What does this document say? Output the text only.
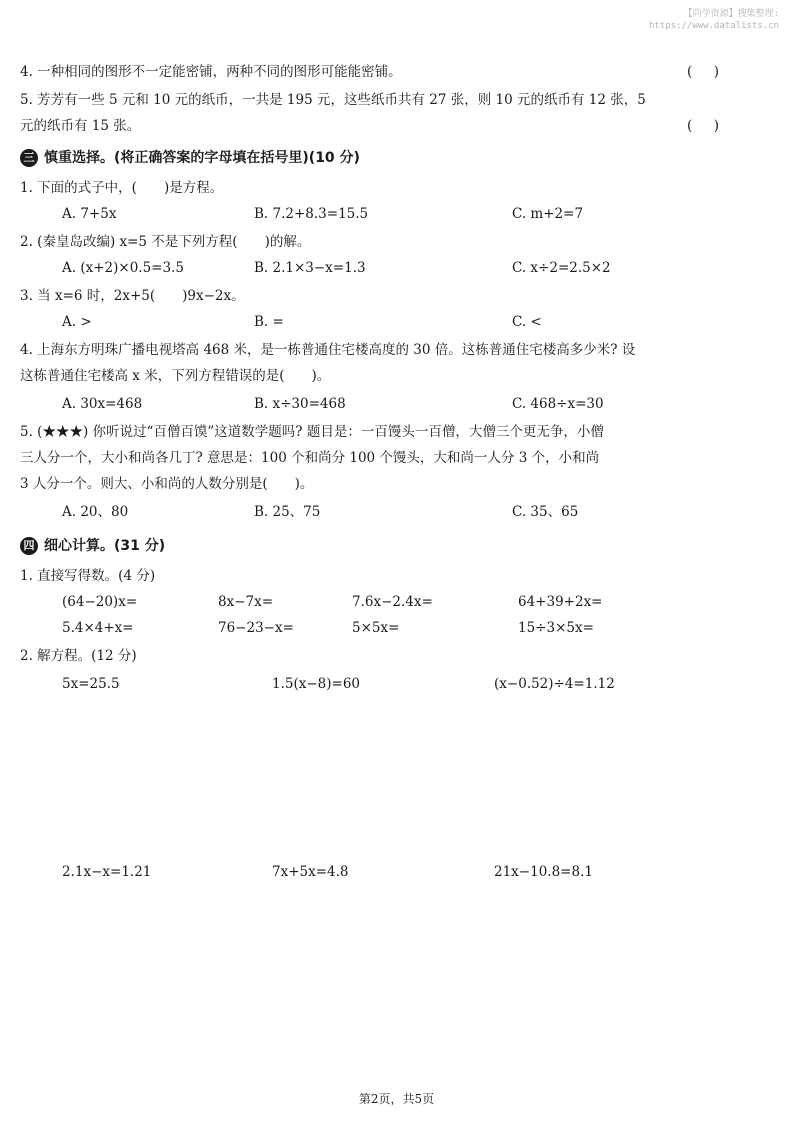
【尚学资源】搜集整理:
https://www.datalists.cn
4. 一种相同的图形不一定能密铺，两种不同的图形可能能密铺。	(     )
5. 芳芳有一些 5 元和 10 元的纸币，一共是 195 元，这些纸币共有 27 张，则 10 元的纸币有 12 张，5
元的纸币有 15 张。	(     )
三 慎重选择。(将正确答案的字母填在括号里)(10 分)
1. 下面的式子中，(　　)是方程。
A. 7+5x	B. 7.2+8.3=15.5	C. m+2=7
2. (秦皇岛改编) x=5 不是下列方程(　　)的解。
A. (x+2)×0.5=3.5	B. 2.1×3−x=1.3	C. x÷2=2.5×2
3. 当 x=6 时，2x+5(　　)9x−2x。
A. >	B. =	C. <
4. 上海东方明珠广播电视塔高 468 米，是一栋普通住宅楼高度的 30 倍。这栋普通住宅楼高多少米? 设
这栋普通住宅楼高 x 米，下列方程错误的是(　　)。
A. 30x=468	B. x÷30=468	C. 468÷x=30
5. (★★★) 你听说过“百僧百馍”这道数学题吗? 题目是：一百馒头一百僧，大僧三个更无争，小僧
三人分一个，大小和尚各几丁? 意思是：100 个和尚分 100 个馒头，大和尚一人分 3 个，小和尚
3 人分一个。则大、小和尚的人数分别是(　　)。
A. 20、80	B. 25、75	C. 35、65
四 细心计算。(31 分)
1. 直接写得数。(4 分)
(64−20)x=	8x−7x=	7.6x−2.4x=	64+39+2x=
5.4×4+x=	76−23−x=	5×5x=	15÷3×5x=
2. 解方程。(12 分)
5x=25.5	1.5(x−8)=60	(x−0.52)÷4=1.12
2.1x−x=1.21	7x+5x=4.8	21x−10.8=8.1
第2页，共5页
